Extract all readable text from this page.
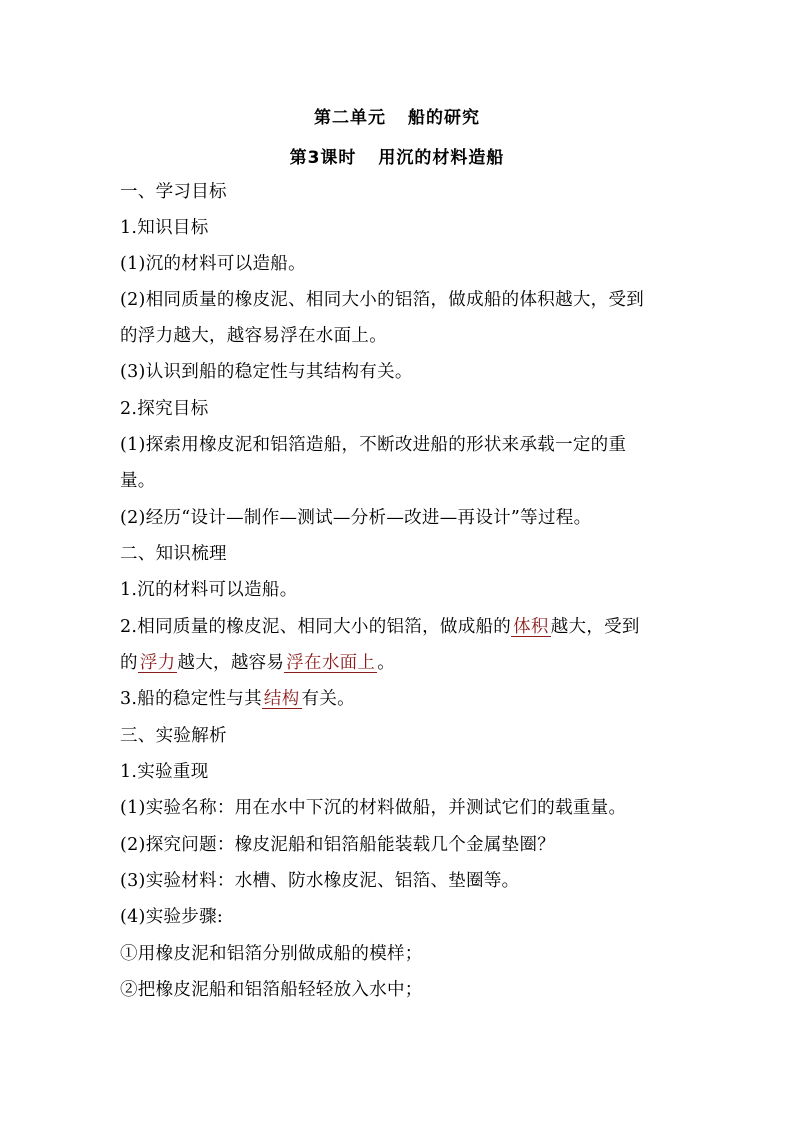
第二单元 船的研究
第3课时 用沉的材料造船
一、学习目标
1.知识目标
(1)沉的材料可以造船。
(2)相同质量的橡皮泥、相同大小的铝箔，做成船的体积越大，受到
的浮力越大，越容易浮在水面上。
(3)认识到船的稳定性与其结构有关。
2.探究目标
(1)探索用橡皮泥和铝箔造船，不断改进船的形状来承载一定的重
量。
(2)经历“设计—制作—测试—分析—改进—再设计”等过程。
二、知识梳理
1.沉的材料可以造船。
2.相同质量的橡皮泥、相同大小的铝箔，做成船的 体积 越大，受到
的 浮力 越大，越容易 浮在水面上 。
3.船的稳定性与其 结构 有关。
三、实验解析
1.实验重现
(1)实验名称：用在水中下沉的材料做船，并测试它们的载重量。
(2)探究问题：橡皮泥船和铝箔船能装载几个金属垫圈？
(3)实验材料：水槽、防水橡皮泥、铝箔、垫圈等。
(4)实验步骤:
①用橡皮泥和铝箔分别做成船的模样；
②把橡皮泥船和铝箔船轻轻放入水中；
